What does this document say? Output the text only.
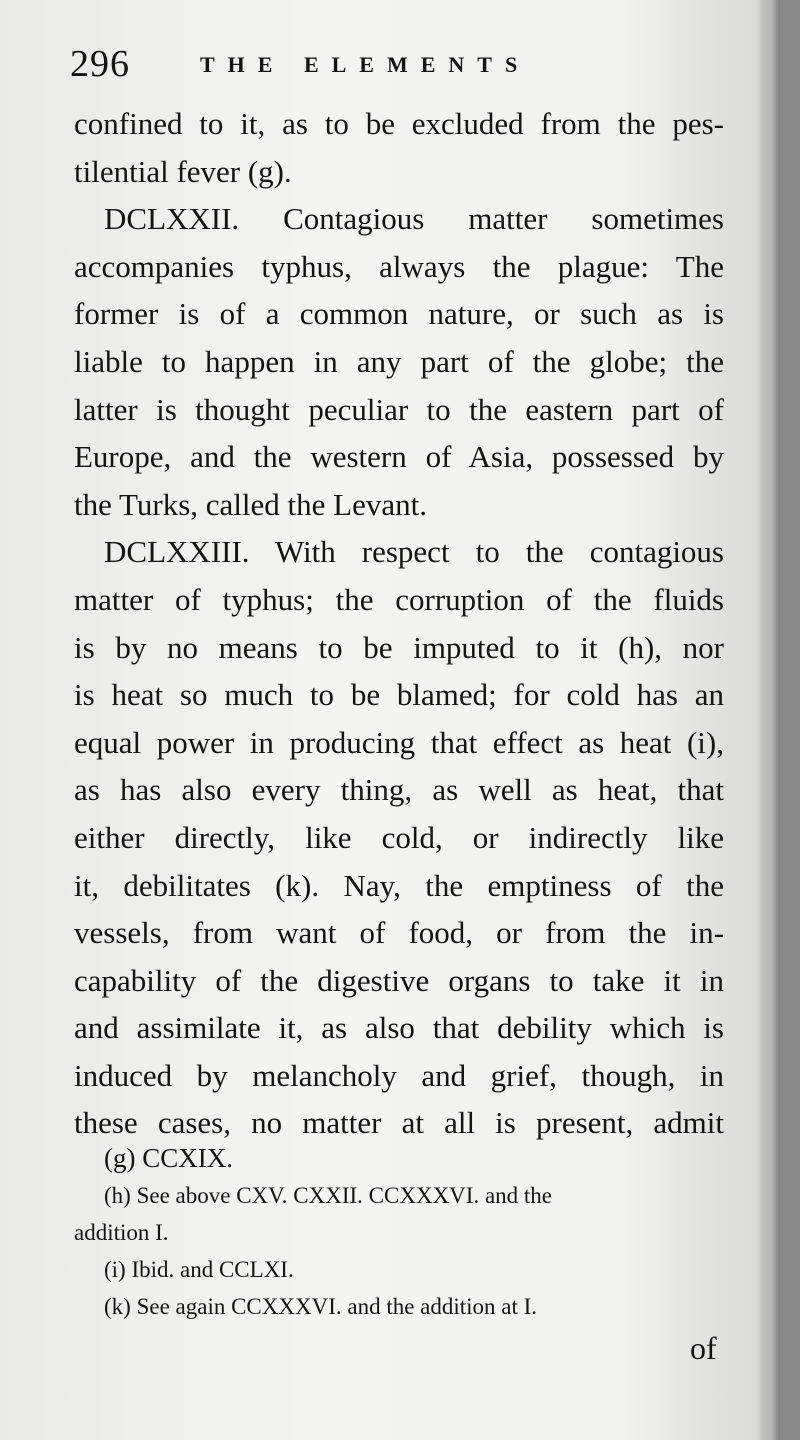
296	THE ELEMENTS
confined to it, as to be excluded from the pes-
tilential fever (g).
DCLXXII. Contagious matter sometimes
accompanies typhus, always the plague: The
former is of a common nature, or such as is
liable to happen in any part of the globe; the
latter is thought peculiar to the eastern part of
Europe, and the western of Asia, possessed by
the Turks, called the Levant.
DCLXXIII. With respect to the contagious
matter of typhus; the corruption of the fluids
is by no means to be imputed to it (h), nor
is heat so much to be blamed; for cold has an
equal power in producing that effect as heat (i),
as has also every thing, as well as heat, that
either directly, like cold, or indirectly like
it, debilitates (k). Nay, the emptiness of the
vessels, from want of food, or from the in-
capability of the digestive organs to take it in
and assimilate it, as also that debility which is
induced by melancholy and grief, though, in
these cases, no matter at all is present, admit
(g) CCXIX.
(h) See above CXV. CXXII. CCXXXVI. and the
addition I.
(i) Ibid. and CCLXI.
(k) See again CCXXXVI. and the addition at I.
of
